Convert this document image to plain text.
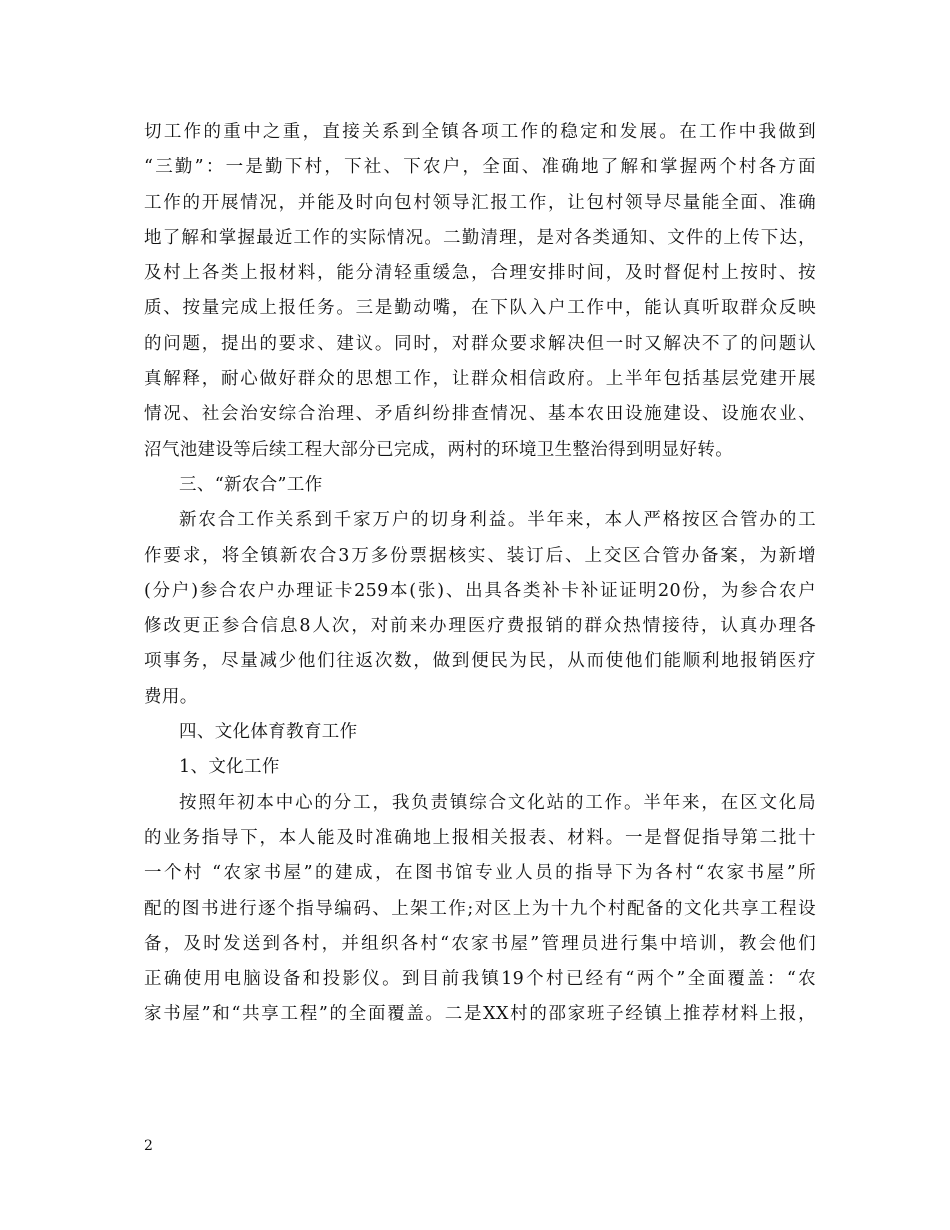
切工作的重中之重，直接关系到全镇各项工作的稳定和发展。在工作中我做到
“三勤”：一是勤下村，下社、下农户，全面、准确地了解和掌握两个村各方面
工作的开展情况，并能及时向包村领导汇报工作，让包村领导尽量能全面、准确
地了解和掌握最近工作的实际情况。二勤清理，是对各类通知、文件的上传下达，
及村上各类上报材料，能分清轻重缓急，合理安排时间，及时督促村上按时、按
质、按量完成上报任务。三是勤动嘴，在下队入户工作中，能认真听取群众反映
的问题，提出的要求、建议。同时，对群众要求解决但一时又解决不了的问题认
真解释，耐心做好群众的思想工作，让群众相信政府。上半年包括基层党建开展
情况、社会治安综合治理、矛盾纠纷排查情况、基本农田设施建设、设施农业、
沼气池建设等后续工程大部分已完成，两村的环境卫生整治得到明显好转。
三、“新农合”工作
新农合工作关系到千家万户的切身利益。半年来，本人严格按区合管办的工
作要求，将全镇新农合3万多份票据核实、装订后、上交区合管办备案，为新增
(分户)参合农户办理证卡259本(张)、出具各类补卡补证证明20份，为参合农户
修改更正参合信息8人次，对前来办理医疗费报销的群众热情接待，认真办理各
项事务，尽量减少他们往返次数，做到便民为民，从而使他们能顺利地报销医疗
费用。
四、文化体育教育工作
1、文化工作
按照年初本中心的分工，我负责镇综合文化站的工作。半年来，在区文化局
的业务指导下，本人能及时准确地上报相关报表、材料。一是督促指导第二批十
一个村 “农家书屋”的建成，在图书馆专业人员的指导下为各村“农家书屋”所
配的图书进行逐个指导编码、上架工作;对区上为十九个村配备的文化共享工程设
备，及时发送到各村，并组织各村“农家书屋”管理员进行集中培训，教会他们
正确使用电脑设备和投影仪。到目前我镇19个村已经有“两个”全面覆盖：“农
家书屋”和“共享工程”的全面覆盖。二是XX村的邵家班子经镇上推荐材料上报，
2
